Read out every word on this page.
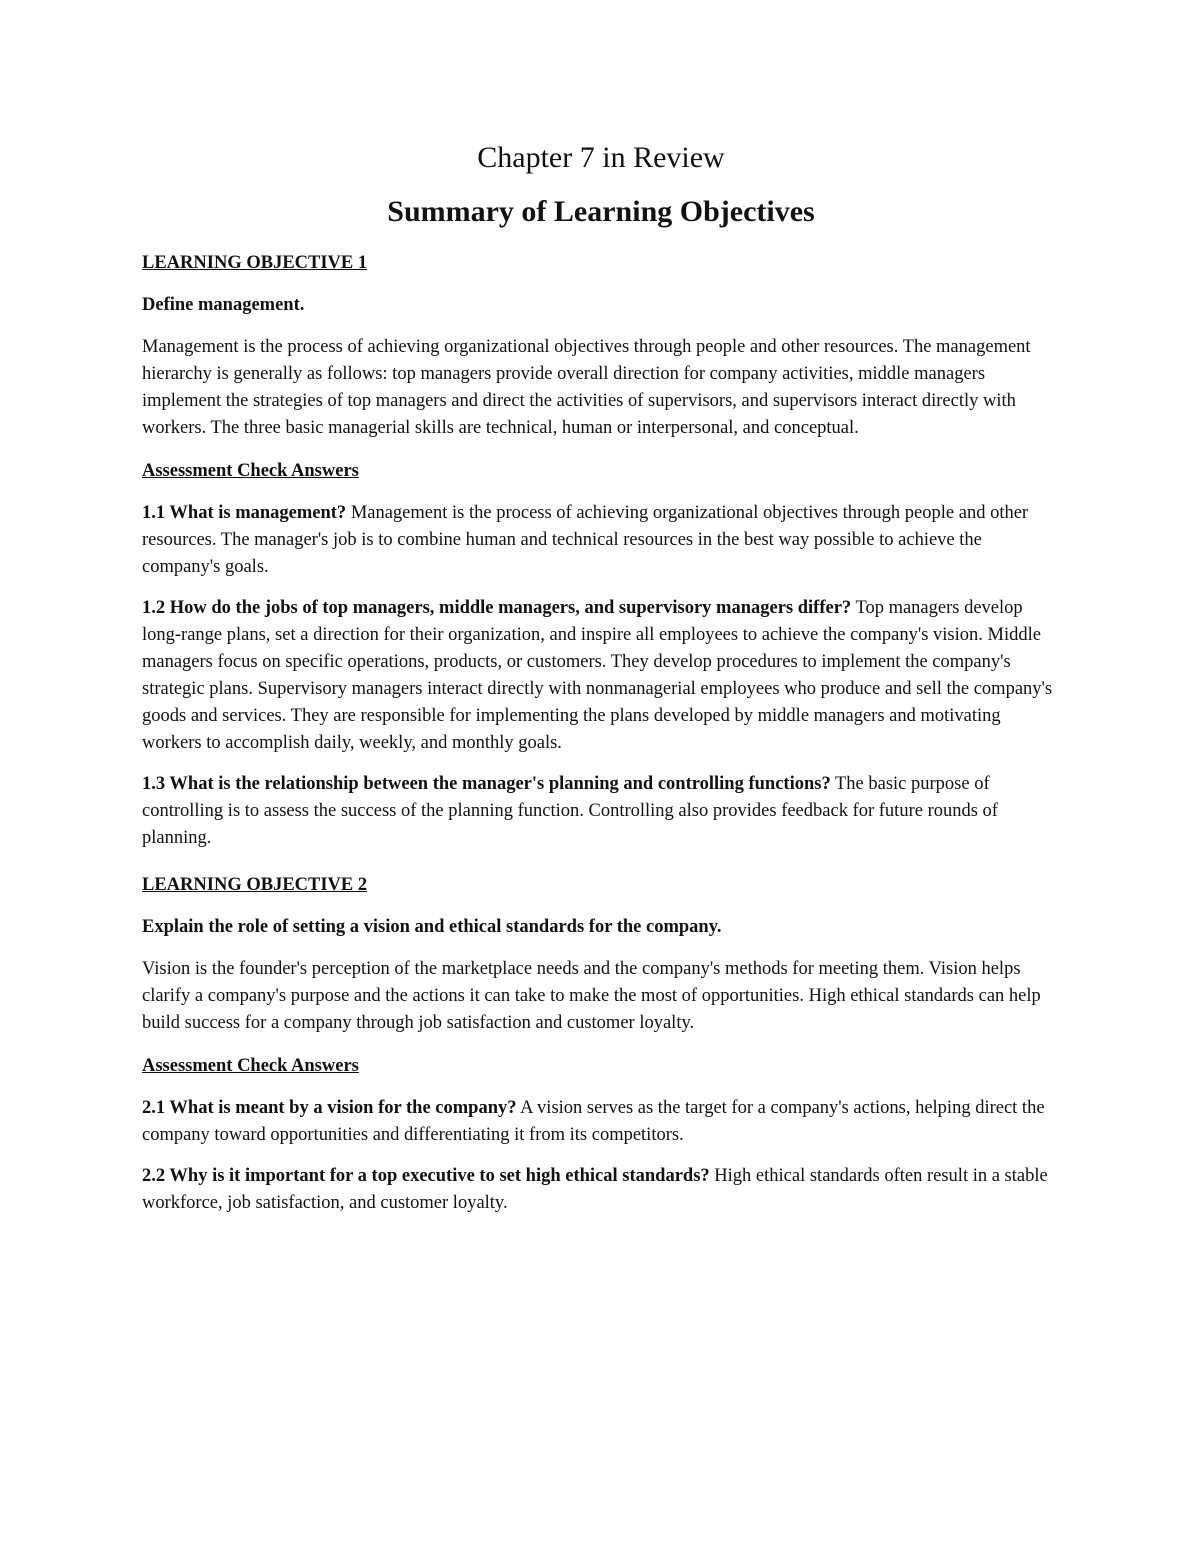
Chapter 7 in Review
Summary of Learning Objectives
LEARNING OBJECTIVE 1
Define management.

Management is the process of achieving organizational objectives through people and other resources. The management hierarchy is generally as follows: top managers provide overall direction for company activities, middle managers implement the strategies of top managers and direct the activities of supervisors, and supervisors interact directly with workers. The three basic managerial skills are technical, human or interpersonal, and conceptual.

Assessment Check Answers

1.1 What is management? Management is the process of achieving organizational objectives through people and other resources. The manager's job is to combine human and technical resources in the best way possible to achieve the company's goals.

1.2 How do the jobs of top managers, middle managers, and supervisory managers differ? Top managers develop long-range plans, set a direction for their organization, and inspire all employees to achieve the company's vision. Middle managers focus on specific operations, products, or customers. They develop procedures to implement the company's strategic plans. Supervisory managers interact directly with nonmanagerial employees who produce and sell the company's goods and services. They are responsible for implementing the plans developed by middle managers and motivating workers to accomplish daily, weekly, and monthly goals.

1.3 What is the relationship between the manager's planning and controlling functions? The basic purpose of controlling is to assess the success of the planning function. Controlling also provides feedback for future rounds of planning.

LEARNING OBJECTIVE 2
Explain the role of setting a vision and ethical standards for the company.

Vision is the founder's perception of the marketplace needs and the company's methods for meeting them. Vision helps clarify a company's purpose and the actions it can take to make the most of opportunities. High ethical standards can help build success for a company through job satisfaction and customer loyalty.

Assessment Check Answers

2.1 What is meant by a vision for the company? A vision serves as the target for a company's actions, helping direct the company toward opportunities and differentiating it from its competitors.

2.2 Why is it important for a top executive to set high ethical standards? High ethical standards often result in a stable workforce, job satisfaction, and customer loyalty.
